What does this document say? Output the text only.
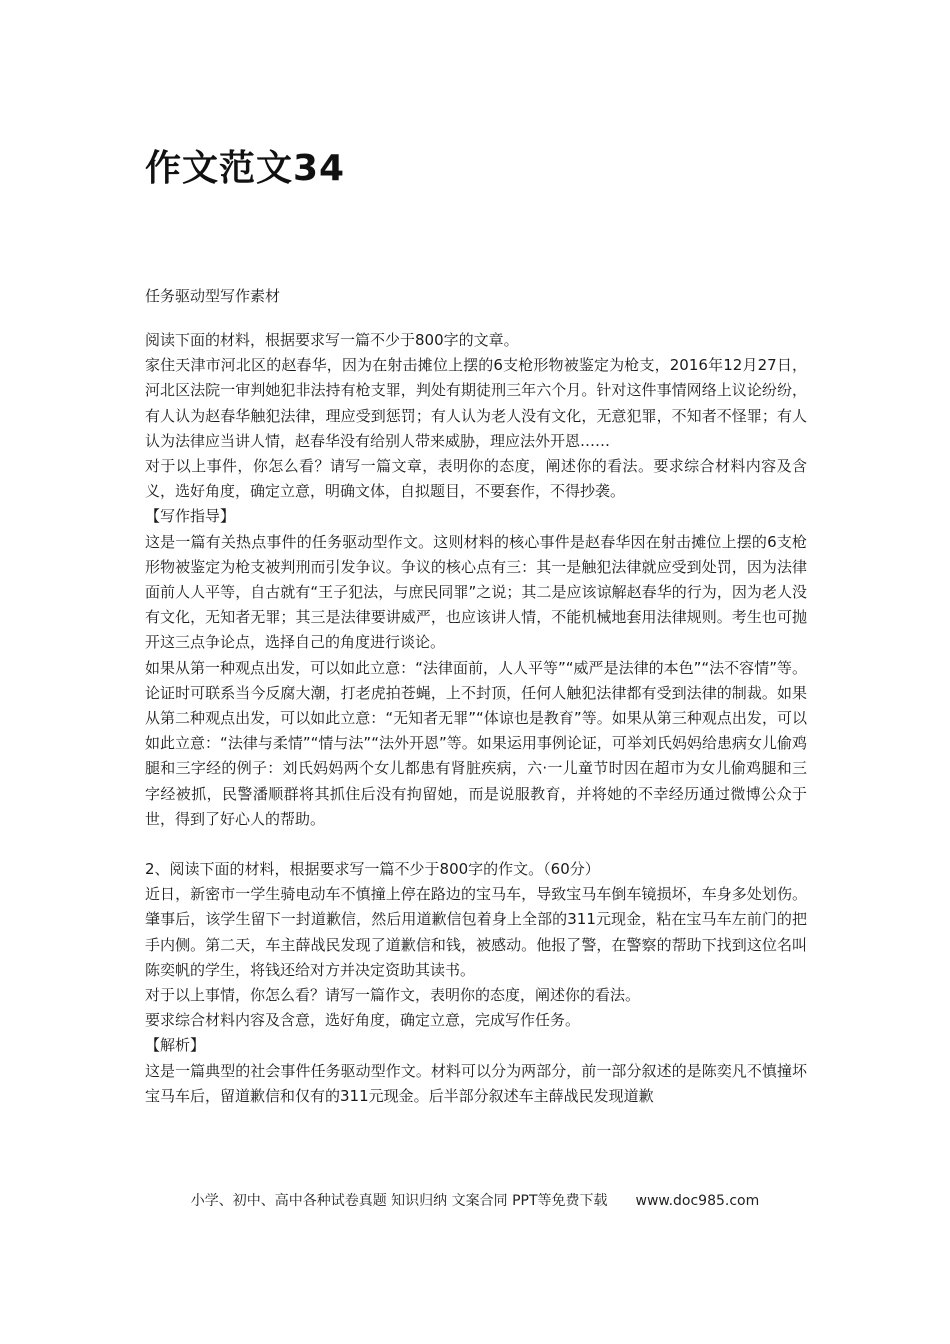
作文范文34
任务驱动型写作素材

阅读下面的材料，根据要求写一篇不少于800字的文章。

家住天津市河北区的赵春华，因为在射击摊位上摆的6支枪形物被鉴定为枪支，2016年12月27日，河北区法院一审判她犯非法持有枪支罪，判处有期徒刑三年六个月。针对这件事情网络上议论纷纷，有人认为赵春华触犯法律，理应受到惩罚；有人认为老人没有文化，无意犯罪，不知者不怪罪；有人认为法律应当讲人情，赵春华没有给别人带来威胁，理应法外开恩……

对于以上事件，你怎么看？请写一篇文章，表明你的态度，阐述你的看法。要求综合材料内容及含义，选好角度，确定立意，明确文体，自拟题目，不要套作，不得抄袭。

【写作指导】

这是一篇有关热点事件的任务驱动型作文。这则材料的核心事件是赵春华因在射击摊位上摆的6支枪形物被鉴定为枪支被判刑而引发争议。争议的核心点有三：其一是触犯法律就应受到处罚，因为法律面前人人平等，自古就有“王子犯法，与庶民同罪”之说；其二是应该谅解赵春华的行为，因为老人没有文化，无知者无罪；其三是法律要讲威严，也应该讲人情，不能机械地套用法律规则。考生也可抛开这三点争论点，选择自己的角度进行谈论。

如果从第一种观点出发，可以如此立意：“法律面前，人人平等”“威严是法律的本色”“法不容情”等。论证时可联系当今反腐大潮，打老虎拍苍蝇，上不封顶，任何人触犯法律都有受到法律的制裁。如果从第二种观点出发，可以如此立意：“无知者无罪”“体谅也是教育”等。如果从第三种观点出发，可以如此立意：“法律与柔情”“情与法”“法外开恩”等。如果运用事例论证，可举刘氏妈妈给患病女儿偷鸡腿和三字经的例子：刘氏妈妈两个女儿都患有肾脏疾病，六·一儿童节时因在超市为女儿偷鸡腿和三字经被抓，民警潘顺群将其抓住后没有拘留她，而是说服教育，并将她的不幸经历通过微博公众于世，得到了好心人的帮助。

2、阅读下面的材料，根据要求写一篇不少于800字的作文。（60分）

近日，新密市一学生骑电动车不慎撞上停在路边的宝马车，导致宝马车倒车镜损坏，车身多处划伤。肇事后，该学生留下一封道歉信，然后用道歉信包着身上全部的311元现金，粘在宝马车左前门的把手内侧。第二天，车主薛战民发现了道歉信和钱，被感动。他报了警，在警察的帮助下找到这位名叫陈奕帆的学生，将钱还给对方并决定资助其读书。

对于以上事情，你怎么看？请写一篇作文，表明你的态度，阐述你的看法。

要求综合材料内容及含意，选好角度，确定立意，完成写作任务。

【解析】

这是一篇典型的社会事件任务驱动型作文。材料可以分为两部分，前一部分叙述的是陈奕凡不慎撞坏宝马车后，留道歉信和仅有的311元现金。后半部分叙述车主薛战民发现道歉

小学、初中、高中各种试卷真题 知识归纳 文案合同 PPT等免费下载 www.doc985.com
